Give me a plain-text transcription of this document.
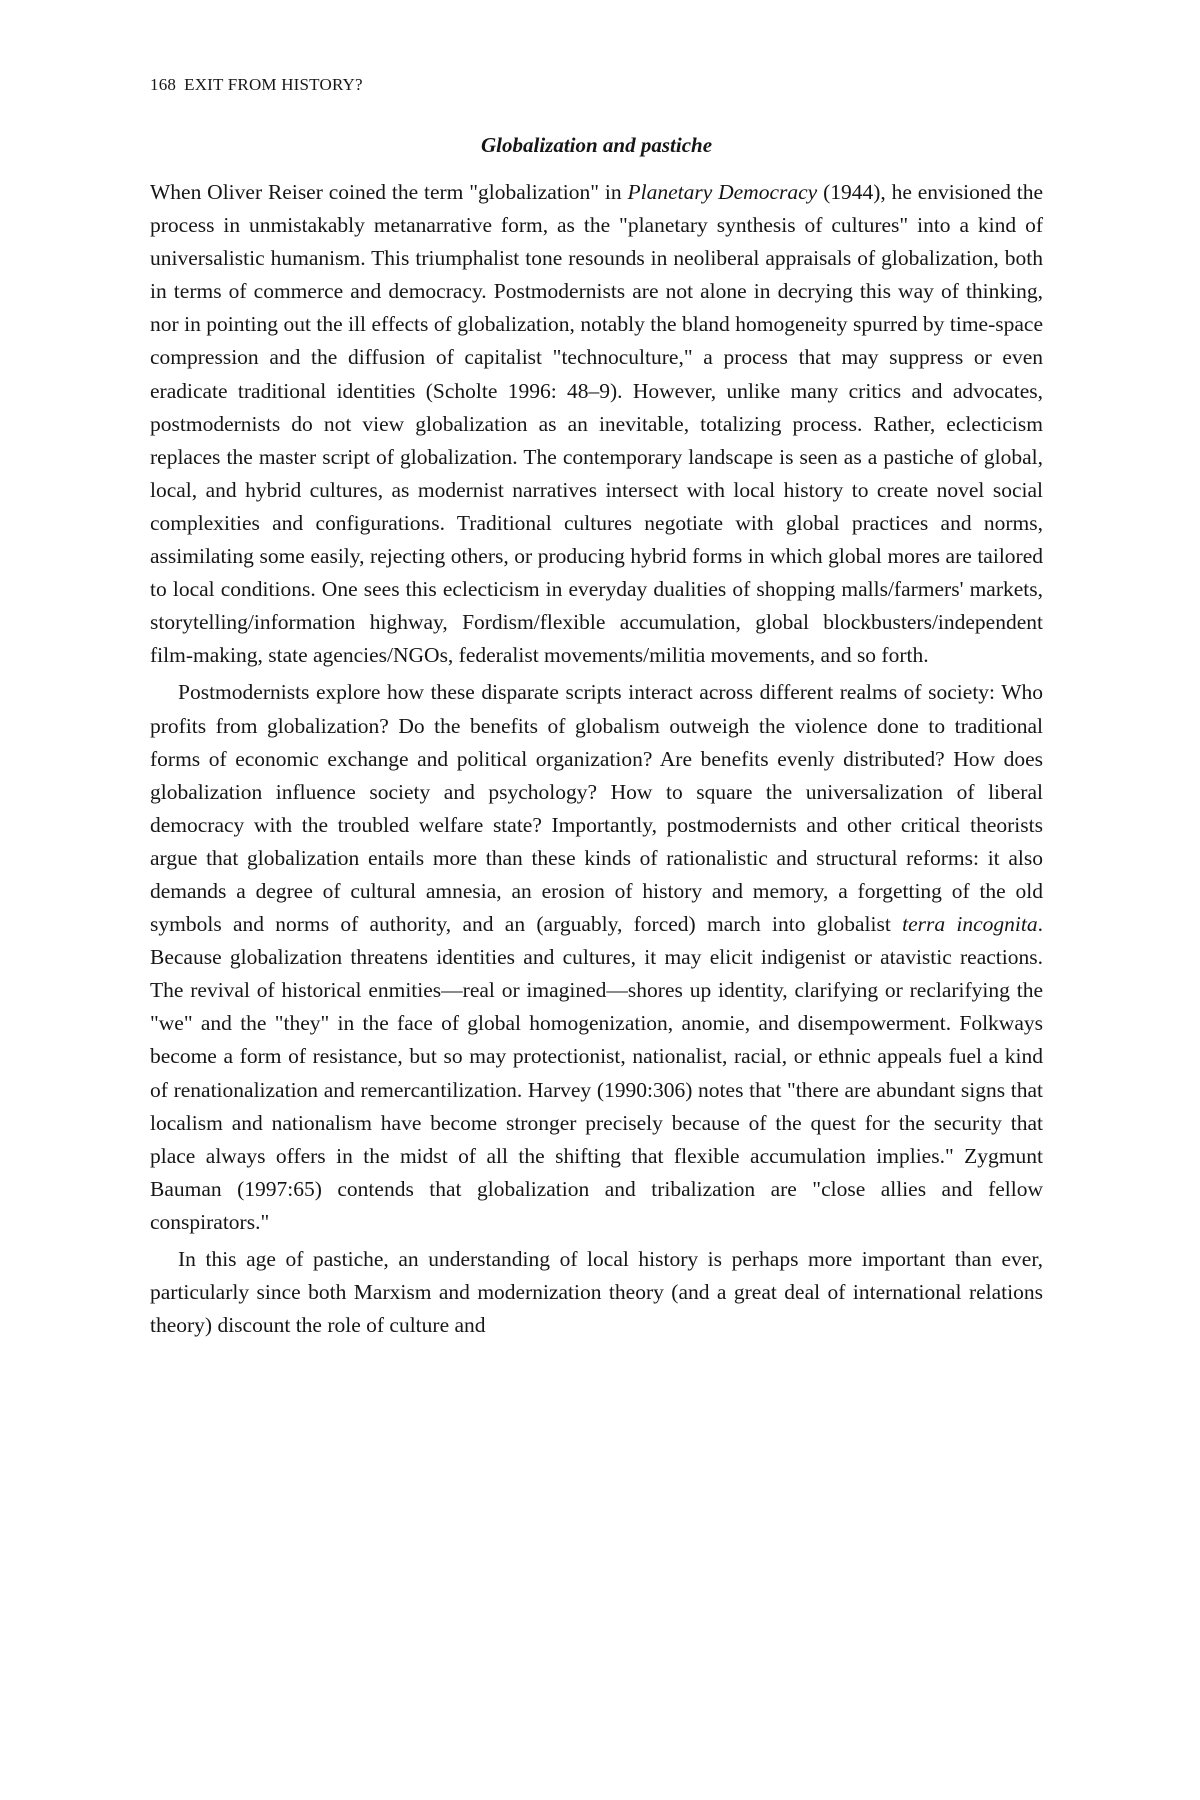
168 EXIT FROM HISTORY?
Globalization and pastiche

When Oliver Reiser coined the term "globalization" in Planetary Democracy (1944), he envisioned the process in unmistakably metanarrative form, as the "planetary synthesis of cultures" into a kind of universalistic humanism. This triumphalist tone resounds in neoliberal appraisals of globalization, both in terms of commerce and democracy. Postmodernists are not alone in decrying this way of thinking, nor in pointing out the ill effects of globalization, notably the bland homogeneity spurred by time-space compression and the diffusion of capitalist "technoculture," a process that may suppress or even eradicate traditional identities (Scholte 1996: 48–9). However, unlike many critics and advocates, postmodernists do not view globalization as an inevitable, totalizing process. Rather, eclecticism replaces the master script of globalization. The contemporary landscape is seen as a pastiche of global, local, and hybrid cultures, as modernist narratives intersect with local history to create novel social complexities and configurations. Traditional cultures negotiate with global practices and norms, assimilating some easily, rejecting others, or producing hybrid forms in which global mores are tailored to local conditions. One sees this eclecticism in everyday dualities of shopping malls/farmers' markets, storytelling/information highway, Fordism/flexible accumulation, global blockbusters/independent film-making, state agencies/NGOs, federalist movements/militia movements, and so forth.

Postmodernists explore how these disparate scripts interact across different realms of society: Who profits from globalization? Do the benefits of globalism outweigh the violence done to traditional forms of economic exchange and political organization? Are benefits evenly distributed? How does globalization influence society and psychology? How to square the universalization of liberal democracy with the troubled welfare state? Importantly, postmodernists and other critical theorists argue that globalization entails more than these kinds of rationalistic and structural reforms: it also demands a degree of cultural amnesia, an erosion of history and memory, a forgetting of the old symbols and norms of authority, and an (arguably, forced) march into globalist terra incognita. Because globalization threatens identities and cultures, it may elicit indigenist or atavistic reactions. The revival of historical enmities—real or imagined—shores up identity, clarifying or reclarifying the "we" and the "they" in the face of global homogenization, anomie, and disempowerment. Folkways become a form of resistance, but so may protectionist, nationalist, racial, or ethnic appeals fuel a kind of renationalization and remercantilization. Harvey (1990:306) notes that "there are abundant signs that localism and nationalism have become stronger precisely because of the quest for the security that place always offers in the midst of all the shifting that flexible accumulation implies." Zygmunt Bauman (1997:65) contends that globalization and tribalization are "close allies and fellow conspirators."

In this age of pastiche, an understanding of local history is perhaps more important than ever, particularly since both Marxism and modernization theory (and a great deal of international relations theory) discount the role of culture and
